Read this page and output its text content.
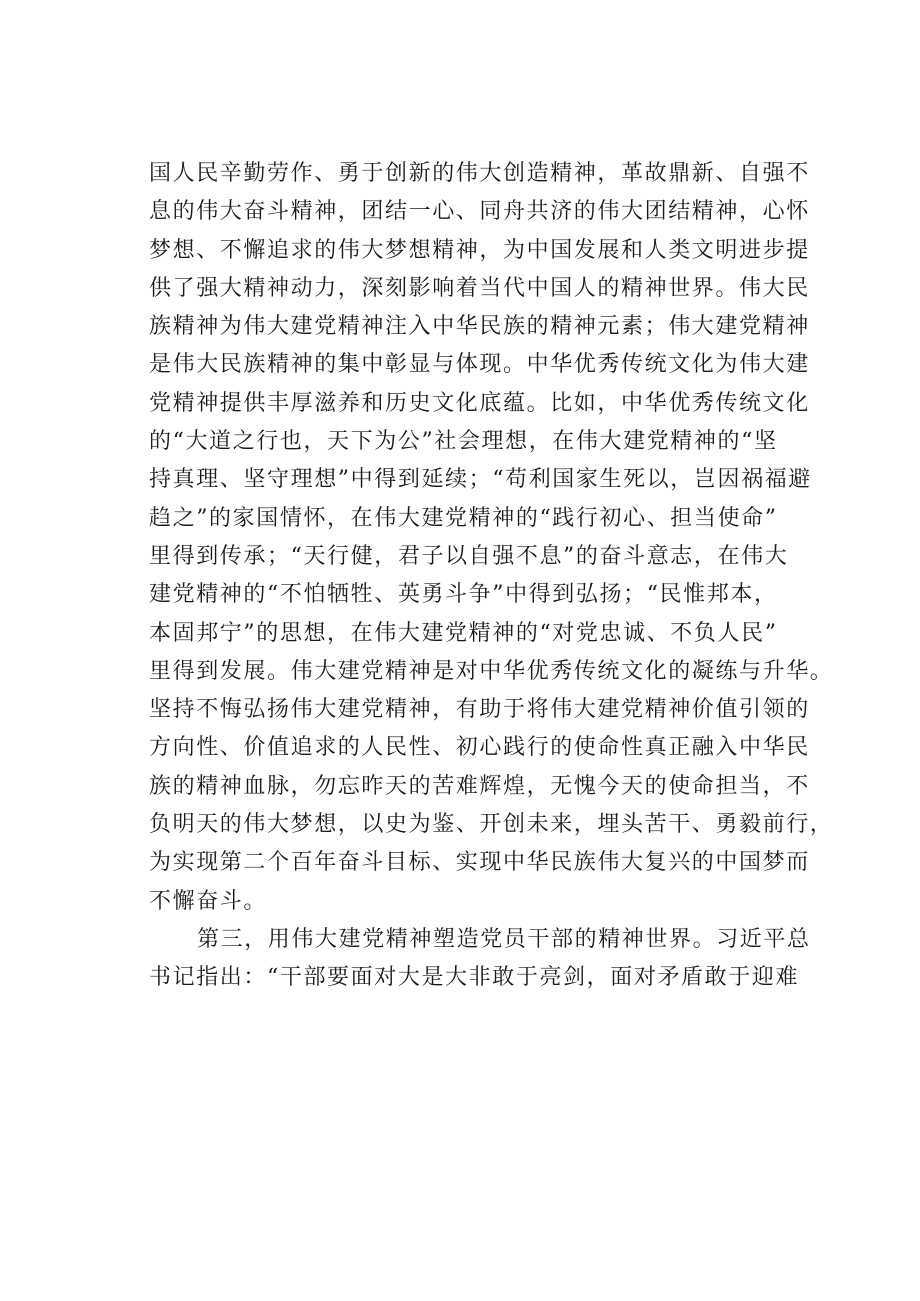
国人民辛勤劳作、勇于创新的伟大创造精神，革故鼎新、自强不
息的伟大奋斗精神，团结一心、同舟共济的伟大团结精神，心怀
梦想、不懈追求的伟大梦想精神，为中国发展和人类文明进步提
供了强大精神动力，深刻影响着当代中国人的精神世界。伟大民
族精神为伟大建党精神注入中华民族的精神元素；伟大建党精神
是伟大民族精神的集中彰显与体现。中华优秀传统文化为伟大建
党精神提供丰厚滋养和历史文化底蕴。比如，中华优秀传统文化
的“大道之行也，天下为公”社会理想，在伟大建党精神的“坚
持真理、坚守理想”中得到延续；“苟利国家生死以，岂因祸福避
趋之”的家国情怀，在伟大建党精神的“践行初心、担当使命”
里得到传承；“天行健，君子以自强不息”的奋斗意志，在伟大
建党精神的“不怕牺牲、英勇斗争”中得到弘扬；“民惟邦本，
本固邦宁”的思想，在伟大建党精神的“对党忠诚、不负人民”
里得到发展。伟大建党精神是对中华优秀传统文化的凝练与升华。
坚持不悔弘扬伟大建党精神，有助于将伟大建党精神价值引领的
方向性、价值追求的人民性、初心践行的使命性真正融入中华民
族的精神血脉，勿忘昨天的苦难辉煌，无愧今天的使命担当，不
负明天的伟大梦想，以史为鉴、开创未来，埋头苦干、勇毅前行，
为实现第二个百年奋斗目标、实现中华民族伟大复兴的中国梦而
不懈奋斗。
第三，用伟大建党精神塑造党员干部的精神世界。习近平总
书记指出：“干部要面对大是大非敢于亮剑，面对矛盾敢于迎难
